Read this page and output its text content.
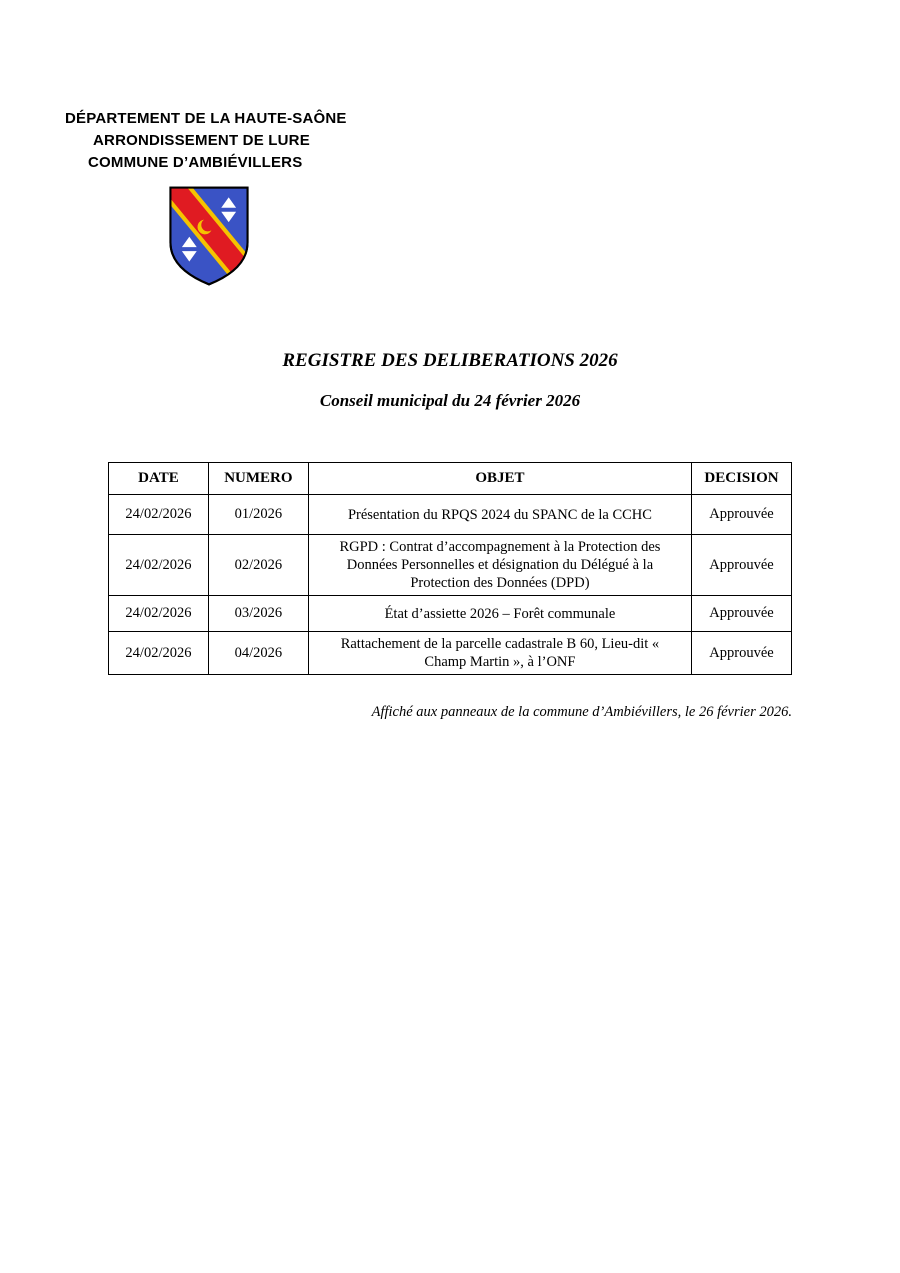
DÉPARTEMENT DE LA HAUTE-SAÔNE
ARRONDISSEMENT DE LURE
COMMUNE D’AMBIÉVILLERS
REGISTRE DES DELIBERATIONS 2026
Conseil municipal du 24 février 2026
DATE	NUMERO	OBJET	DECISION
24/02/2026	01/2026	Présentation du RPQS 2024 du SPANC de la CCHC	Approuvée
24/02/2026	02/2026	RGPD : Contrat d’accompagnement à la Protection des Données Personnelles et désignation du Délégué à la Protection des Données (DPD)	Approuvée
24/02/2026	03/2026	État d’assiette 2026 – Forêt communale	Approuvée
24/02/2026	04/2026	Rattachement de la parcelle cadastrale B 60, Lieu-dit « Champ Martin », à l’ONF	Approuvée
Affiché aux panneaux de la commune d’Ambiévillers, le 26 février 2026.
